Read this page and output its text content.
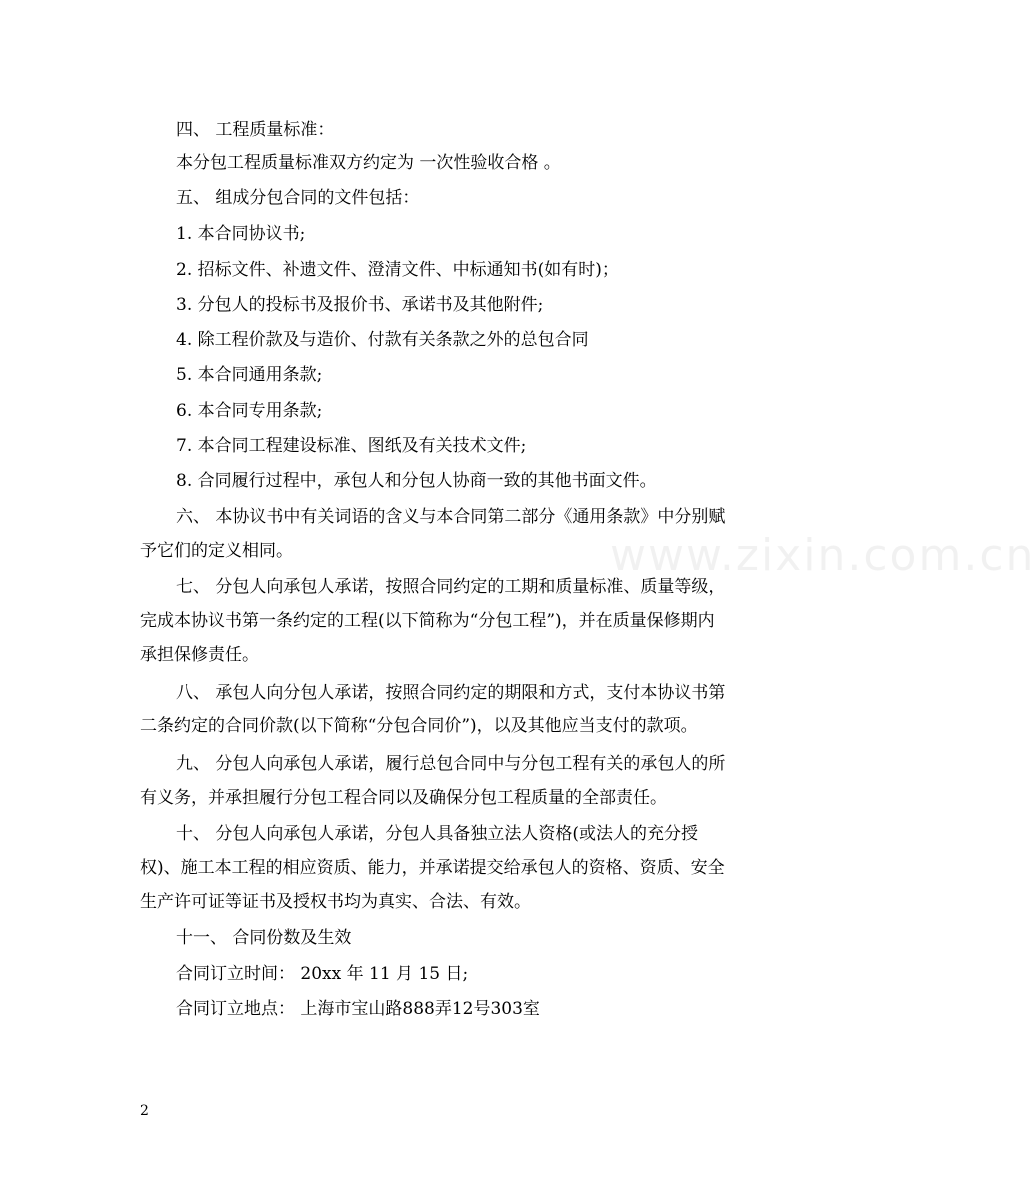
www.zixin.com.cn
四、 工程质量标准：
本分包工程质量标准双方约定为 一次性验收合格 。
五、 组成分包合同的文件包括：
1. 本合同协议书;
2. 招标文件、补遗文件、澄清文件、中标通知书(如有时)；
3. 分包人的投标书及报价书、承诺书及其他附件;
4. 除工程价款及与造价、付款有关条款之外的总包合同
5. 本合同通用条款;
6. 本合同专用条款;
7. 本合同工程建设标准、图纸及有关技术文件;
8. 合同履行过程中，承包人和分包人协商一致的其他书面文件。
六、 本协议书中有关词语的含义与本合同第二部分《通用条款》中分别赋
予它们的定义相同。
七、 分包人向承包人承诺，按照合同约定的工期和质量标准、质量等级，
完成本协议书第一条约定的工程(以下简称为“分包工程”)，并在质量保修期内
承担保修责任。
八、 承包人向分包人承诺，按照合同约定的期限和方式，支付本协议书第
二条约定的合同价款(以下简称“分包合同价”)，以及其他应当支付的款项。
九、 分包人向承包人承诺，履行总包合同中与分包工程有关的承包人的所
有义务，并承担履行分包工程合同以及确保分包工程质量的全部责任。
十、 分包人向承包人承诺，分包人具备独立法人资格(或法人的充分授
权)、施工本工程的相应资质、能力，并承诺提交给承包人的资格、资质、安全
生产许可证等证书及授权书均为真实、合法、有效。
十一、 合同份数及生效
合同订立时间： 20xx 年 11 月 15 日;
合同订立地点： 上海市宝山路888弄12号303室
2
